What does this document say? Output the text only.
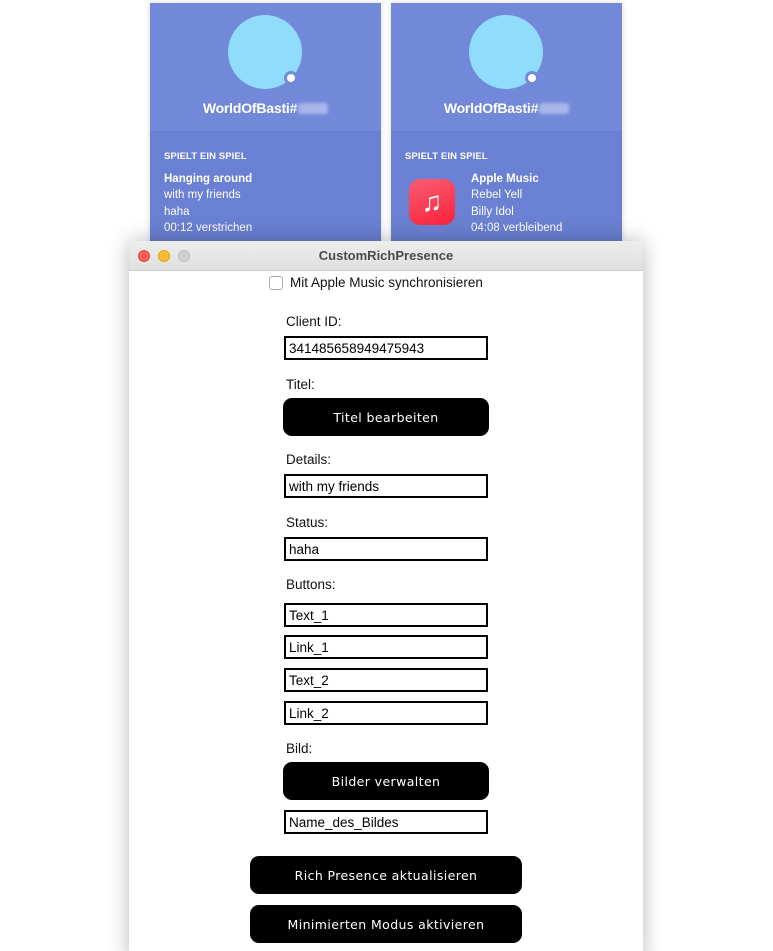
WorldOfBasti#
SPIELT EIN SPIEL
Hanging around
with my friends
haha
00:12 verstrichen
WorldOfBasti#
SPIELT EIN SPIEL
♫
Apple Music
Rebel Yell
Billy Idol
04:08 verbleibend
CustomRichPresence
Mit Apple Music synchronisieren
Client ID:
341485658949475943
Titel:
Titel bearbeiten
Details:
with my friends
Status:
haha
Buttons:
Text_1
Link_1
Text_2
Link_2
Bild:
Bilder verwalten
Name_des_Bildes
Rich Presence aktualisieren
Minimierten Modus aktivieren
